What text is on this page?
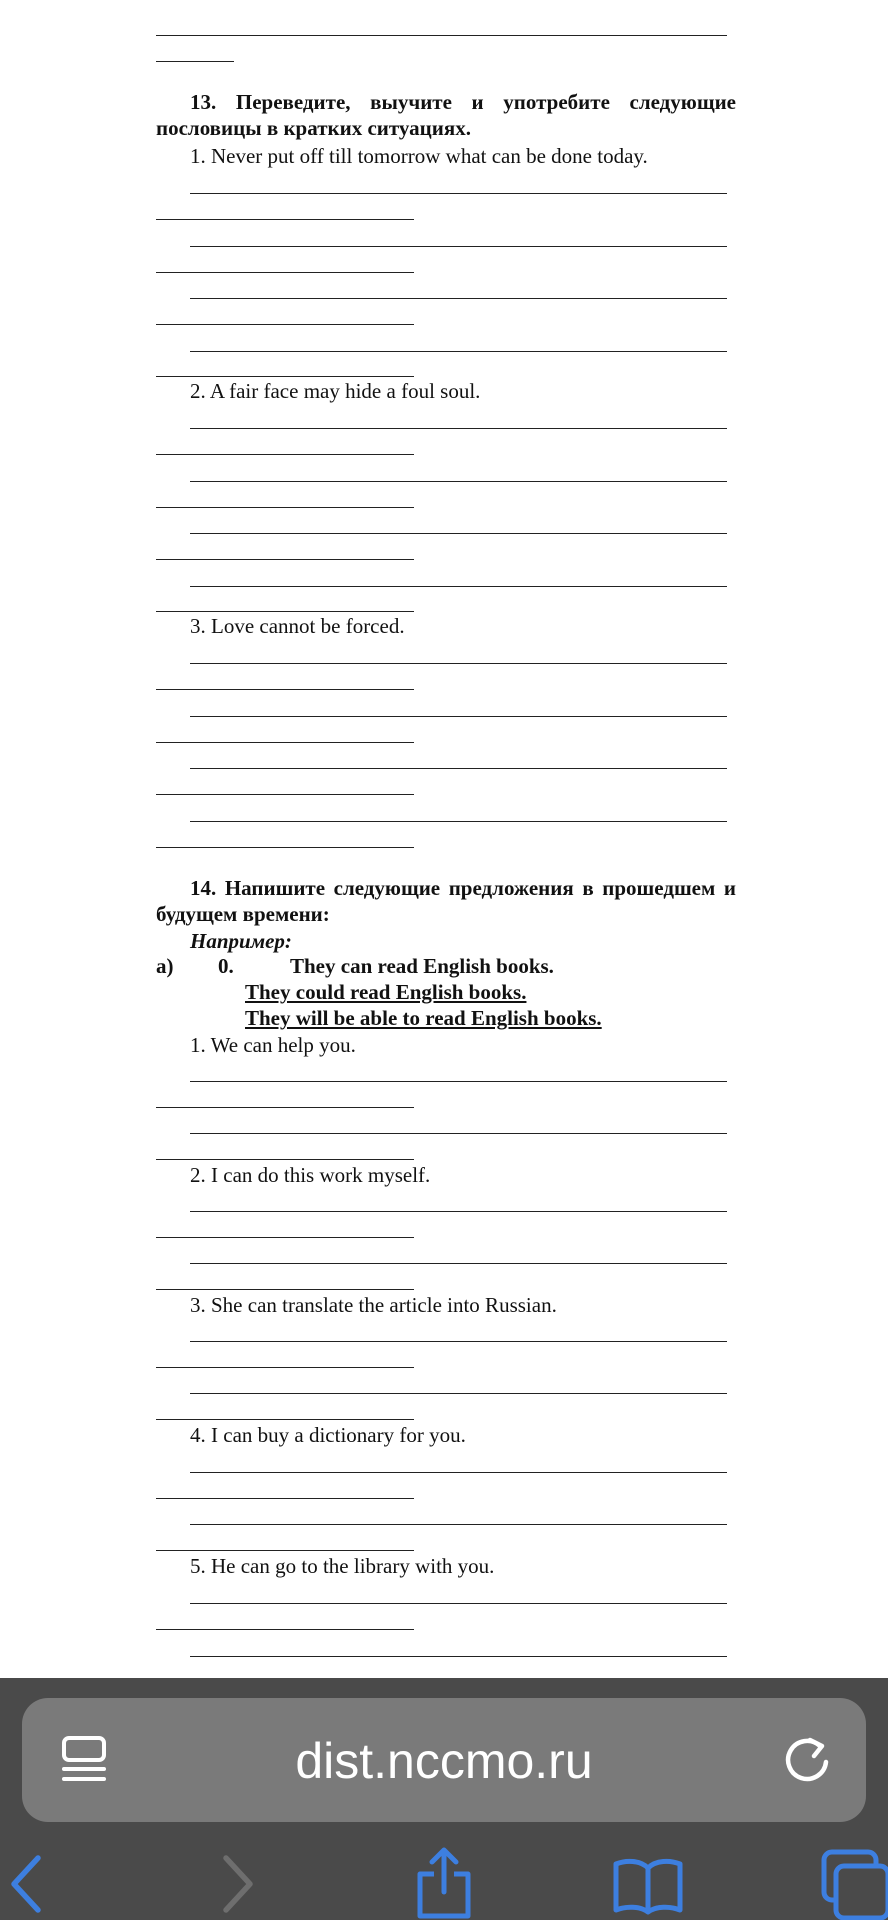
13. Переведите, выучите и употребите следующие пословицы в кратких ситуациях.
1. Never put off till tomorrow what can be done today.
2. A fair face may hide a foul soul.
3. Love cannot be forced.
14. Напишите следующие предложения в прошедшем и будущем времени:
Например:
a) 0.	They can read English books.
They could read English books.
They will be able to read English books.
1. We can help you.
2. I can do this work myself.
3. She can translate the article into Russian.
4. I can buy a dictionary for you.
5. He can go to the library with you.
dist.nccmo.ru
